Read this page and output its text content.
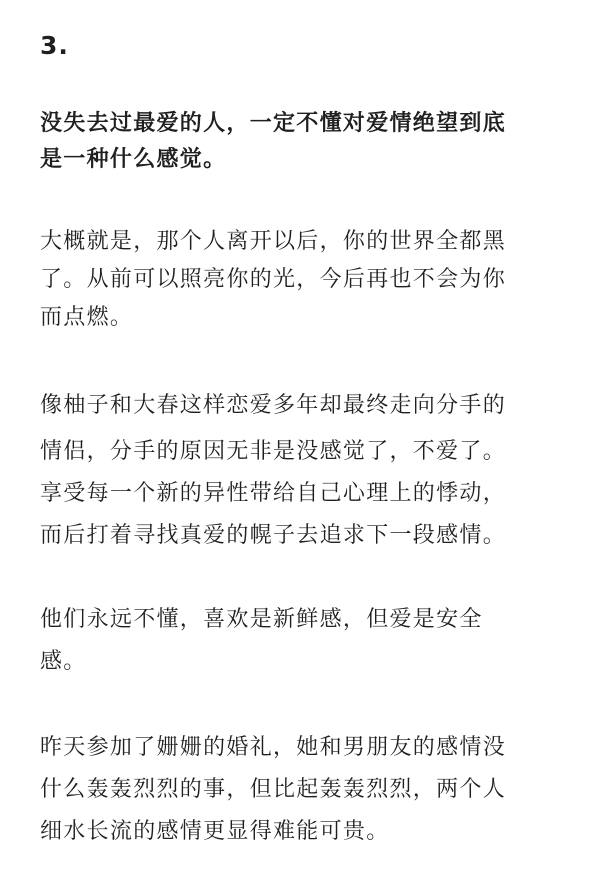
3.
没失去过最爱的人，一定不懂对爱情绝望到底
是一种什么感觉。
大概就是，那个人离开以后，你的世界全都黑
了。从前可以照亮你的光，今后再也不会为你
而点燃。
像柚子和大春这样恋爱多年却最终走向分手的
情侣，分手的原因无非是没感觉了，不爱了。
享受每一个新的异性带给自己心理上的悸动，
而后打着寻找真爱的幌子去追求下一段感情。
他们永远不懂，喜欢是新鲜感，但爱是安全
感。
昨天参加了姗姗的婚礼，她和男朋友的感情没
什么轰轰烈烈的事，但比起轰轰烈烈，两个人
细水长流的感情更显得难能可贵。
